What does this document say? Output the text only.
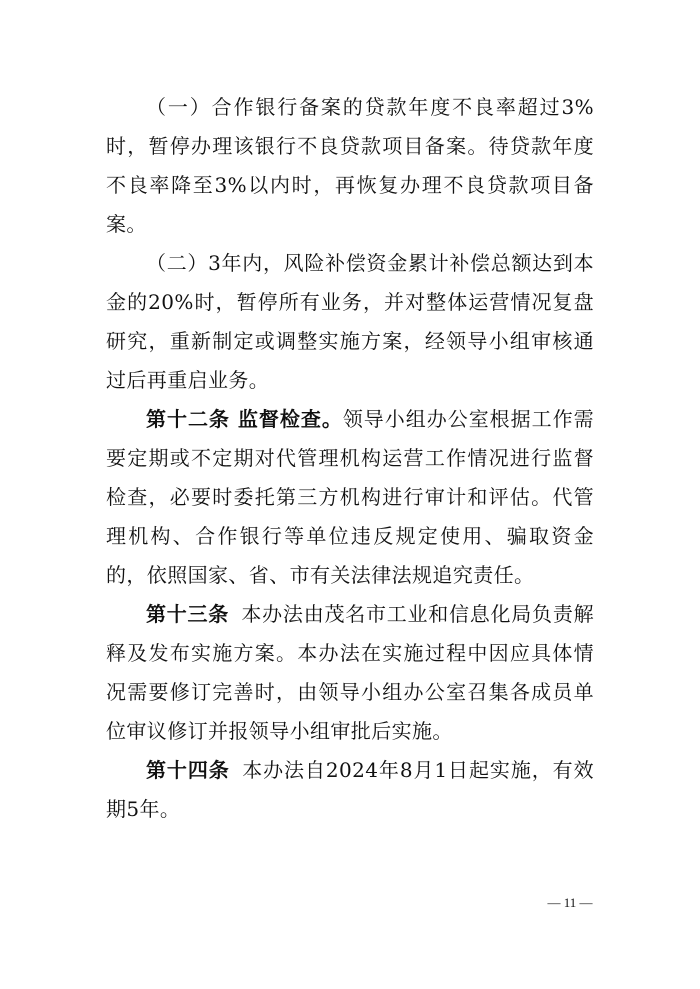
（一）合作银行备案的贷款年度不良率超过3%时，暂停办理该银行不良贷款项目备案。待贷款年度不良率降至3%以内时，再恢复办理不良贷款项目备案。

（二）3年内，风险补偿资金累计补偿总额达到本金的20%时，暂停所有业务，并对整体运营情况复盘研究，重新制定或调整实施方案，经领导小组审核通过后再重启业务。

第十二条 监督检查。领导小组办公室根据工作需要定期或不定期对代管理机构运营工作情况进行监督检查，必要时委托第三方机构进行审计和评估。代管理机构、合作银行等单位违反规定使用、骗取资金的，依照国家、省、市有关法律法规追究责任。

第十三条 本办法由茂名市工业和信息化局负责解释及发布实施方案。本办法在实施过程中因应具体情况需要修订完善时，由领导小组办公室召集各成员单位审议修订并报领导小组审批后实施。

第十四条 本办法自2024年8月1日起实施，有效期5年。

— 11 —
